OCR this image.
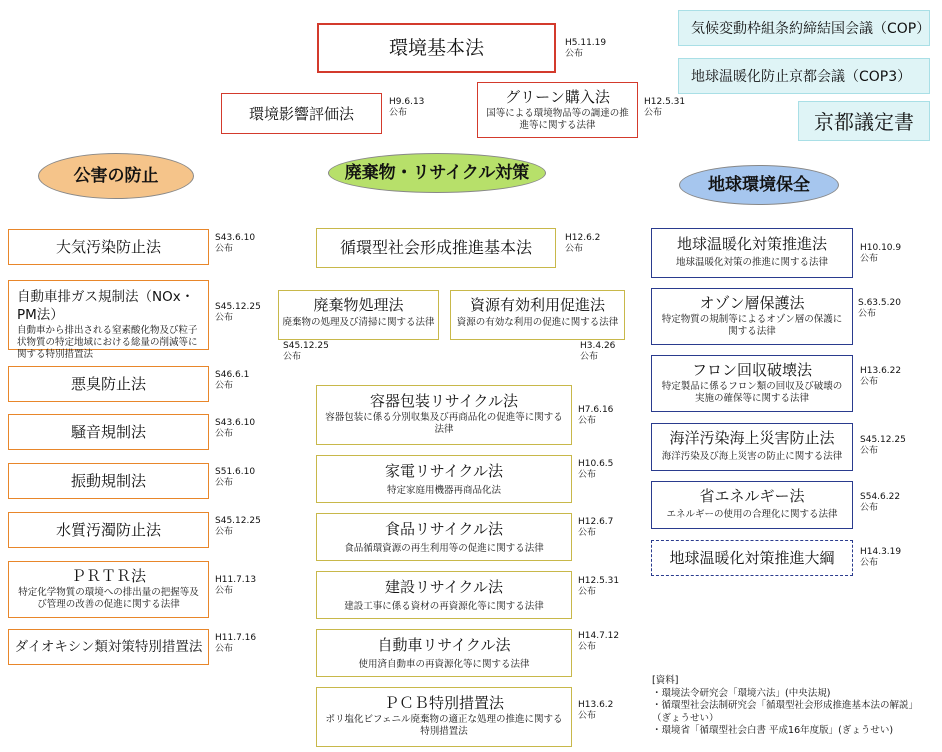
環境基本法	H5.11.19
公布
環境影響評価法
H9.6.13
公布
グリーン購入法
国等による環境物品等の調達の推進等に関する法律
H12.5.31
公布
気候変動枠組条約締結国会議（COP）
地球温暖化防止京都会議（COP3）
京都議定書
公害の防止	廃棄物・リサイクル対策
地球環境保全
大気汚染防止法	S43.6.10
公布
自動車排ガス規制法（NOx・PM法）
自動車から排出される窒素酸化物及び粒子状物質の特定地域における総量の削減等に関する特別措置法
S45.12.25
公布
悪臭防止法	S46.6.1
公布
騒音規制法	S43.6.10
公布
振動規制法	S51.6.10
公布
水質汚濁防止法	S45.12.25
公布
ＰＲＴＲ法
特定化学物質の環境への排出量の把握等及び管理の改善の促進に関する法律
H11.7.13
公布
ダイオキシン類対策特別措置法
H11.7.16
公布
循環型社会形成推進基本法	H12.6.2
公布
廃棄物処理法
廃棄物の処理及び清掃に関する法律
S45.12.25
公布
資源有効利用促進法
資源の有効な利用の促進に関する法律
H3.4.26
公布
容器包装リサイクル法
容器包装に係る分別収集及び再商品化の促進等に関する法律
H7.6.16
公布
家電リサイクル法
特定家庭用機器再商品化法
H10.6.5
公布
食品リサイクル法
食品循環資源の再生利用等の促進に関する法律
H12.6.7
公布
建設リサイクル法
建設工事に係る資材の再資源化等に関する法律
H12.5.31
公布
自動車リサイクル法
使用済自動車の再資源化等に関する法律
H14.7.12
公布
ＰＣＢ特別措置法
ポリ塩化ビフェニル廃棄物の適正な処理の推進に関する特別措置法
H13.6.2
公布
地球温暖化対策推進法
地球温暖化対策の推進に関する法律
H10.10.9
公布
オゾン層保護法
特定物質の規制等によるオゾン層の保護に関する法律
S.63.5.20
公布
フロン回収破壊法
特定製品に係るフロン類の回収及び破壊の実施の確保等に関する法律
H13.6.22
公布
海洋汚染海上災害防止法
海洋汚染及び海上災害の防止に関する法律
S45.12.25
公布
省エネルギー法
エネルギーの使用の合理化に関する法律
S54.6.22
公布
地球温暖化対策推進大綱	H14.3.19
公布
[資料]
・環境法令研究会「環境六法」(中央法規)
・循環型社会法制研究会「循環型社会形成推進基本法の解説」
（ぎょうせい）
・環境省「循環型社会白書 平成16年度版」(ぎょうせい)
